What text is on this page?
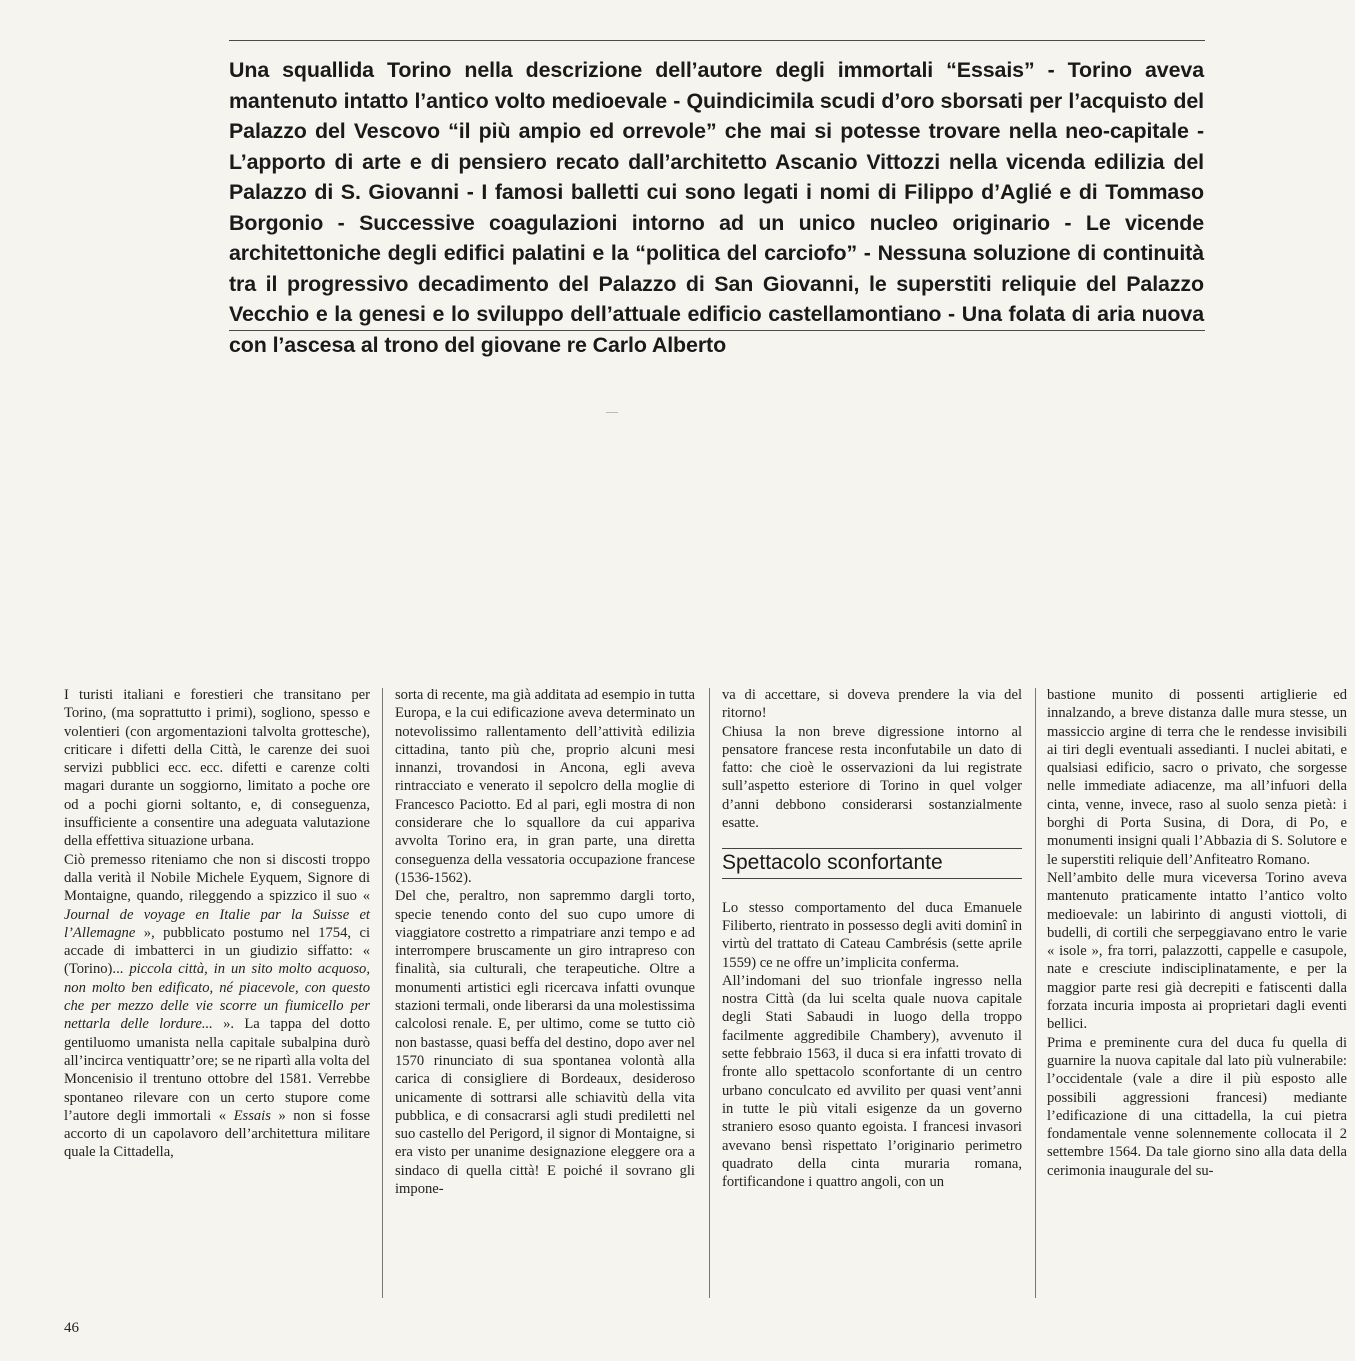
Una squallida Torino nella descrizione dell’autore degli immortali “Essais” - Torino aveva mantenuto intatto l’antico volto medioevale - Quindicimila scudi d’oro sborsati per l’acquisto del Palazzo del Vescovo “il più ampio ed orrevole” che mai si potesse trovare nella neo-capitale - L’apporto di arte e di pensiero recato dall’architetto Ascanio Vittozzi nella vicenda edilizia del Palazzo di S. Giovanni - I famosi balletti cui sono legati i nomi di Filippo d’Aglié e di Tommaso Borgonio - Successive coagulazioni intorno ad un unico nucleo originario - Le vicende architettoniche degli edifici palatini e la “politica del carciofo” - Nessuna soluzione di continuità tra il progressivo decadimento del Palazzo di San Giovanni, le superstiti reliquie del Palazzo Vecchio e la genesi e lo sviluppo dell’attuale edificio castellamontiano - Una folata di aria nuova con l’ascesa al trono del giovane re Carlo Alberto

I turisti italiani e forestieri che transitano per Torino, (ma soprattutto i primi), sogliono, spesso e volentieri (con argomentazioni talvolta grottesche), criticare i difetti della Città, le carenze dei suoi servizi pubblici ecc. ecc. difetti e carenze colti magari durante un soggiorno, limitato a poche ore od a pochi giorni soltanto, e, di conseguenza, insufficiente a consentire una adeguata valutazione della effettiva situazione urbana.

Ciò premesso riteniamo che non si discosti troppo dalla verità il Nobile Michele Eyquem, Signore di Montaigne, quando, rileggendo a spizzico il suo « Journal de voyage en Italie par la Suisse et l’Allemagne », pubblicato postumo nel 1754, ci accade di imbatterci in un giudizio siffatto: « (Torino)... piccola città, in un sito molto acquoso, non molto ben edificato, né piacevole, con questo che per mezzo delle vie scorre un fiumicello per nettarla delle lordure... ». La tappa del dotto gentiluomo umanista nella capitale subalpina durò all’incirca ventiquattr’ore; se ne ripartì alla volta del Moncenisio il trentuno ottobre del 1581. Verrebbe spontaneo rilevare con un certo stupore come l’autore degli immortali « Essais » non si fosse accorto di un capolavoro dell’architettura militare quale la Cittadella,

sorta di recente, ma già additata ad esempio in tutta Europa, e la cui edificazione aveva determinato un notevolissimo rallentamento dell’attività edilizia cittadina, tanto più che, proprio alcuni mesi innanzi, trovandosi in Ancona, egli aveva rintracciato e venerato il sepolcro della moglie di Francesco Paciotto. Ed al pari, egli mostra di non considerare che lo squallore da cui appariva avvolta Torino era, in gran parte, una diretta conseguenza della vessatoria occupazione francese (1536-1562).

Del che, peraltro, non sapremmo dargli torto, specie tenendo conto del suo cupo umore di viaggiatore costretto a rimpatriare anzi tempo e ad interrompere bruscamente un giro intrapreso con finalità, sia culturali, che terapeutiche. Oltre a monumenti artistici egli ricercava infatti ovunque stazioni termali, onde liberarsi da una molestissima calcolosi renale. E, per ultimo, come se tutto ciò non bastasse, quasi beffa del destino, dopo aver nel 1570 rinunciato di sua spontanea volontà alla carica di consigliere di Bordeaux, desideroso unicamente di sottrarsi alle schiavitù della vita pubblica, e di consacrarsi agli studi prediletti nel suo castello del Perigord, il signor di Montaigne, si era visto per unanime designazione eleggere ora a sindaco di quella città! E poiché il sovrano gli impone-

va di accettare, si doveva prendere la via del ritorno!

Chiusa la non breve digressione intorno al pensatore francese resta inconfutabile un dato di fatto: che cioè le osservazioni da lui registrate sull’aspetto esteriore di Torino in quel volger d’anni debbono considerarsi sostanzialmente esatte.

Spettacolo sconfortante

Lo stesso comportamento del duca Emanuele Filiberto, rientrato in possesso degli aviti dominî in virtù del trattato di Cateau Cambrésis (sette aprile 1559) ce ne offre un’implicita conferma.

All’indomani del suo trionfale ingresso nella nostra Città (da lui scelta quale nuova capitale degli Stati Sabaudi in luogo della troppo facilmente aggredibile Chambery), avvenuto il sette febbraio 1563, il duca si era infatti trovato di fronte allo spettacolo sconfortante di un centro urbano conculcato ed avvilito per quasi vent’anni in tutte le più vitali esigenze da un governo straniero esoso quanto egoista. I francesi invasori avevano bensì rispettato l’originario perimetro quadrato della cinta muraria romana, fortificandone i quattro angoli, con un

bastione munito di possenti artiglierie ed innalzando, a breve distanza dalle mura stesse, un massiccio argine di terra che le rendesse invisibili ai tiri degli eventuali assedianti. I nuclei abitati, e qualsiasi edificio, sacro o privato, che sorgesse nelle immediate adiacenze, ma all’infuori della cinta, venne, invece, raso al suolo senza pietà: i borghi di Porta Susina, di Dora, di Po, e monumenti insigni quali l’Abbazia di S. Solutore e le superstiti reliquie dell’Anfiteatro Romano.

Nell’ambito delle mura viceversa Torino aveva mantenuto praticamente intatto l’antico volto medioevale: un labirinto di angusti viottoli, di budelli, di cortili che serpeggiavano entro le varie « isole », fra torri, palazzotti, cappelle e casupole, nate e cresciute indisciplinatamente, e per la maggior parte resi già decrepiti e fatiscenti dalla forzata incuria imposta ai proprietari dagli eventi bellici.

Prima e preminente cura del duca fu quella di guarnire la nuova capitale dal lato più vulnerabile: l’occidentale (vale a dire il più esposto alle possibili aggressioni francesi) mediante l’edificazione di una cittadella, la cui pietra fondamentale venne solennemente collocata il 2 settembre 1564. Da tale giorno sino alla data della cerimonia inaugurale del su-

46
